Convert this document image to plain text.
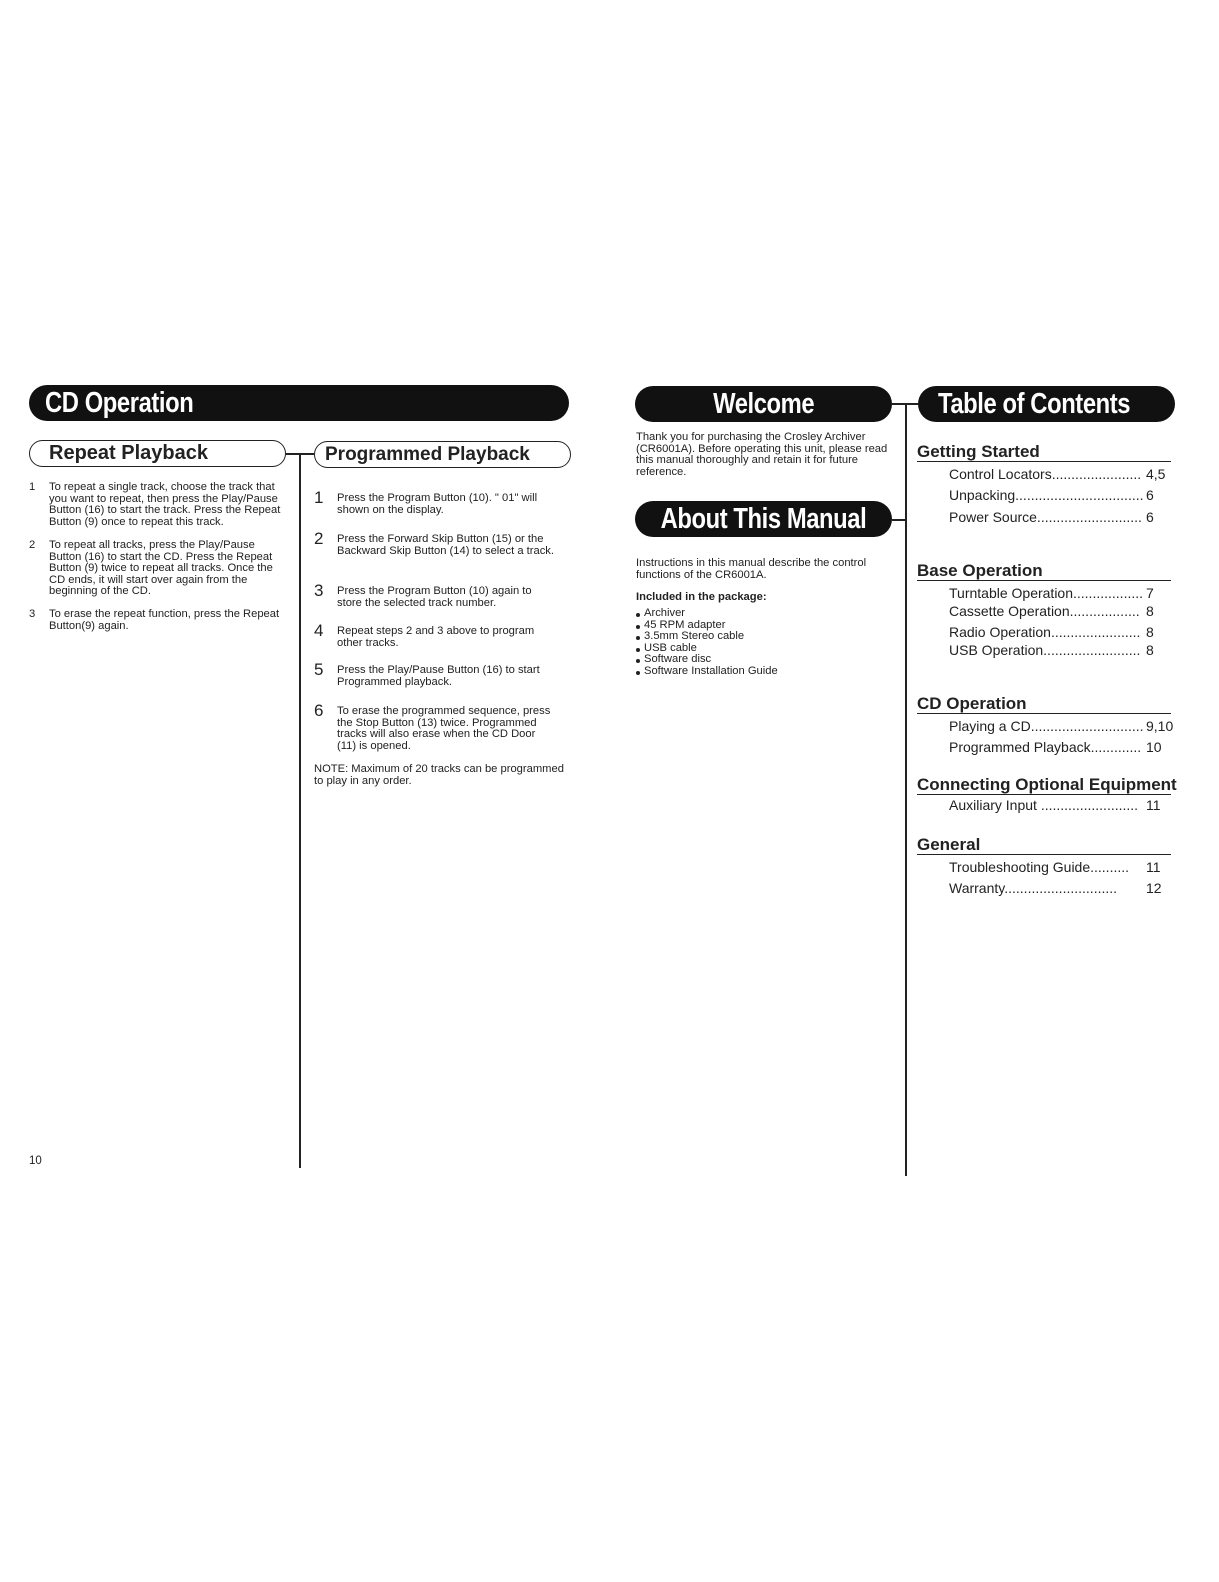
CD Operation
Repeat Playback	Programmed Playback
1 To repeat a single track, choose the track that you want to repeat, then press the Play/Pause Button (16) to start the track. Press the Repeat Button (9) once to repeat this track.
2 To repeat all tracks, press the Play/Pause Button (16) to start the CD. Press the Repeat Button (9) twice to repeat all tracks. Once the CD ends, it will start over again from the beginning of the CD.
3 To erase the repeat function, press the Repeat Button(9) again.
1 Press the Program Button (10). " 01" will shown on the display.
2 Press the Forward Skip Button (15) or the Backward Skip Button (14) to select a track.
3 Press the Program Button (10) again to store the selected track number.
4 Repeat steps 2 and 3 above to program other tracks.
5 Press the Play/Pause Button (16) to start Programmed playback.
6 To erase the programmed sequence, press the Stop Button (13) twice. Programmed tracks will also erase when the CD Door (11) is opened.
NOTE: Maximum of 20 tracks can be programmed to play in any order.
10
Welcome
Thank you for purchasing the Crosley Archiver (CR6001A). Before operating this unit, please read this manual thoroughly and retain it for future reference.
About This Manual
Instructions in this manual describe the control functions of the CR6001A.
Included in the package:
Archiver
45 RPM adapter
3.5mm Stereo cable
USB cable
Software disc
Software Installation Guide
Table of Contents
Getting Started
Control Locators....................... 4,5
Unpacking................................. 6
Power Source........................... 6
Base Operation
Turntable Operation.................. 7
Cassette Operation.................. 8
Radio Operation....................... 8
USB Operation......................... 8
CD Operation
Playing a CD............................. 9,10
Programmed Playback............. 10
Connecting Optional Equipment
Auxiliary Input ......................... 11
General
Troubleshooting Guide.......... 11
Warranty............................. 12
